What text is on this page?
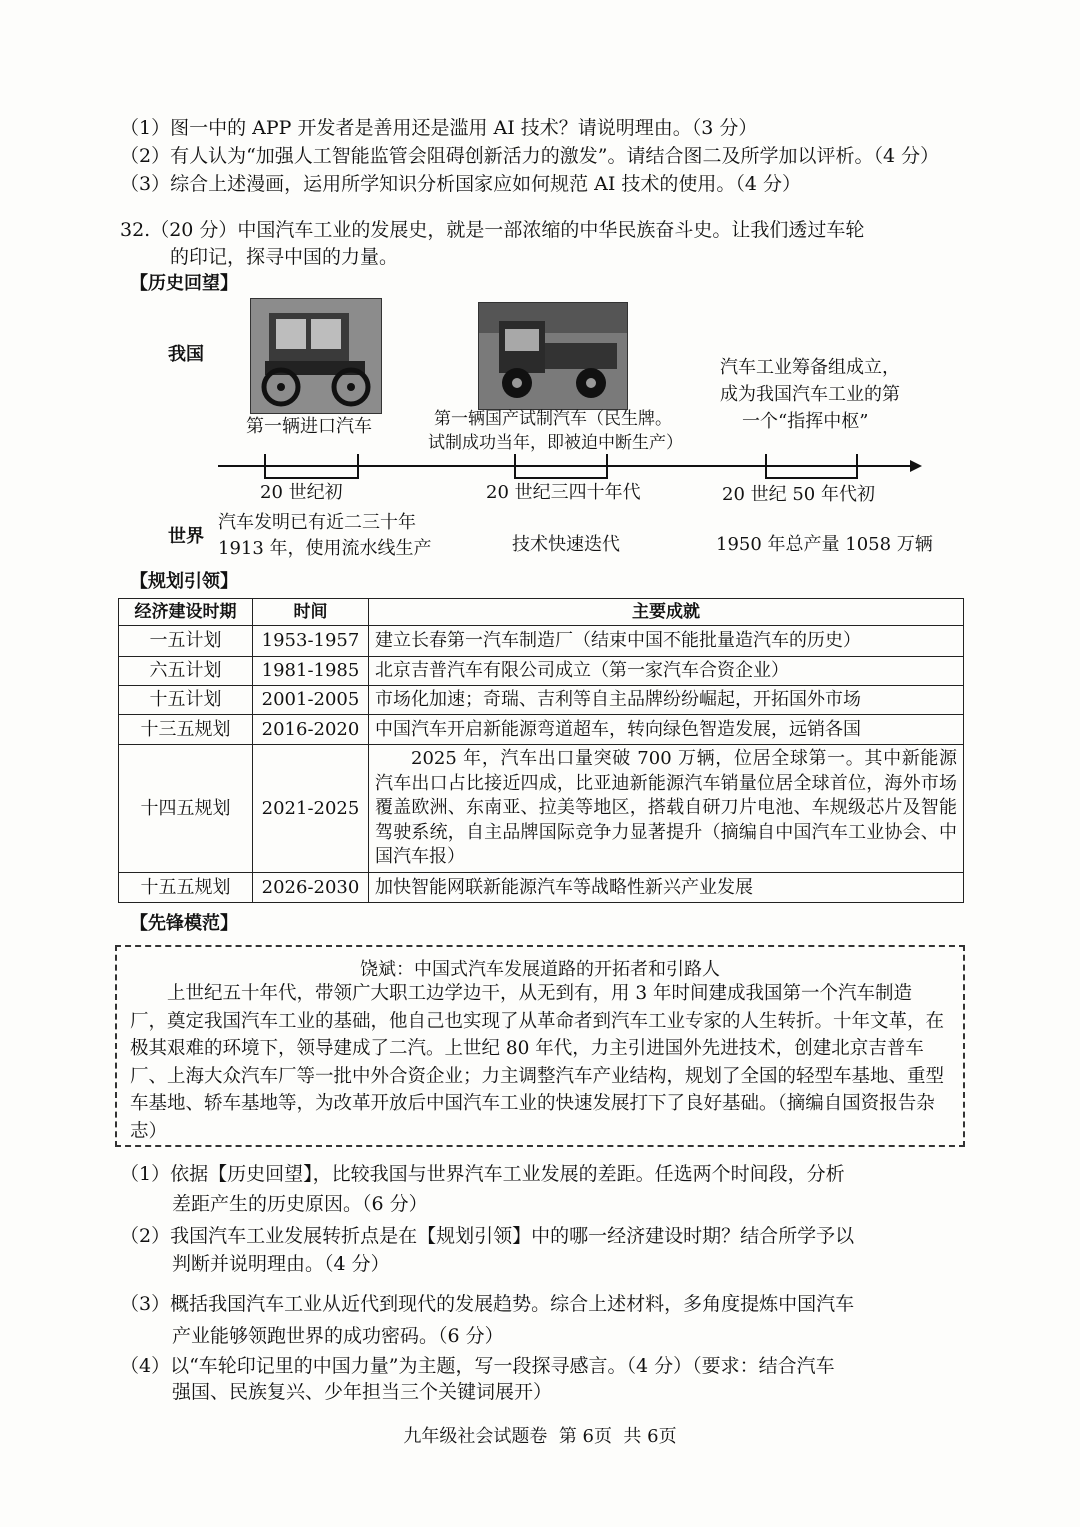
（1）图一中的 APP 开发者是善用还是滥用 AI 技术？请说明理由。（3 分）
（2）有人认为“加强人工智能监管会阻碍创新活力的激发”。请结合图二及所学加以评析。（4 分）
（3）综合上述漫画，运用所学知识分析国家应如何规范 AI 技术的使用。（4 分）
32.（20 分）中国汽车工业的发展史，就是一部浓缩的中华民族奋斗史。让我们透过车轮
的印记，探寻中国的力量。
【历史回望】
我国
第一辆进口汽车	第一辆国产试制汽车（民生牌。
试制成功当年，即被迫中断生产）
汽车工业筹备组成立，
成为我国汽车工业的第
一个“指挥中枢”
20 世纪初	20 世纪三四十年代	20 世纪 50 年代初
世界
汽车发明已有近二三十年
1913 年，使用流水线生产	技术快速迭代	1950 年总产量 1058 万辆
【规划引领】
经济建设时期	时间	主要成就
一五计划	1953-1957	建立长春第一汽车制造厂（结束中国不能批量造汽车的历史）
六五计划	1981-1985	北京吉普汽车有限公司成立（第一家汽车合资企业）
十五计划	2001-2005	市场化加速；奇瑞、吉利等自主品牌纷纷崛起，开拓国外市场
十三五规划	2016-2020	中国汽车开启新能源弯道超车，转向绿色智造发展，远销各国
十四五规划	2021-2025	2025 年，汽车出口量突破 700 万辆，位居全球第一。其中新能源汽车出口占比接近四成，比亚迪新能源汽车销量位居全球首位，海外市场覆盖欧洲、东南亚、拉美等地区，搭载自研刀片电池、车规级芯片及智能驾驶系统，自主品牌国际竞争力显著提升（摘编自中国汽车工业协会、中国汽车报）
十五五规划	2026-2030	加快智能网联新能源汽车等战略性新兴产业发展
【先锋模范】
饶斌：中国式汽车发展道路的开拓者和引路人
上世纪五十年代，带领广大职工边学边干，从无到有，用 3 年时间建成我国第一个汽车制造厂，奠定我国汽车工业的基础，他自己也实现了从革命者到汽车工业专家的人生转折。十年文革，在极其艰难的环境下，领导建成了二汽。上世纪 80 年代，力主引进国外先进技术，创建北京吉普车厂、上海大众汽车厂等一批中外合资企业；力主调整汽车产业结构，规划了全国的轻型车基地、重型车基地、轿车基地等，为改革开放后中国汽车工业的快速发展打下了良好基础。（摘编自国资报告杂志）
（1）依据【历史回望】，比较我国与世界汽车工业发展的差距。任选两个时间段，分析
差距产生的历史原因。（6 分）
（2）我国汽车工业发展转折点是在【规划引领】中的哪一经济建设时期？结合所学予以
判断并说明理由。（4 分）
（3）概括我国汽车工业从近代到现代的发展趋势。综合上述材料，多角度提炼中国汽车
产业能够领跑世界的成功密码。（6 分）
（4）以“车轮印记里的中国力量”为主题，写一段探寻感言。（4 分）（要求：结合汽车
强国、民族复兴、少年担当三个关键词展开）
九年级社会试题卷  第 6页  共 6页
